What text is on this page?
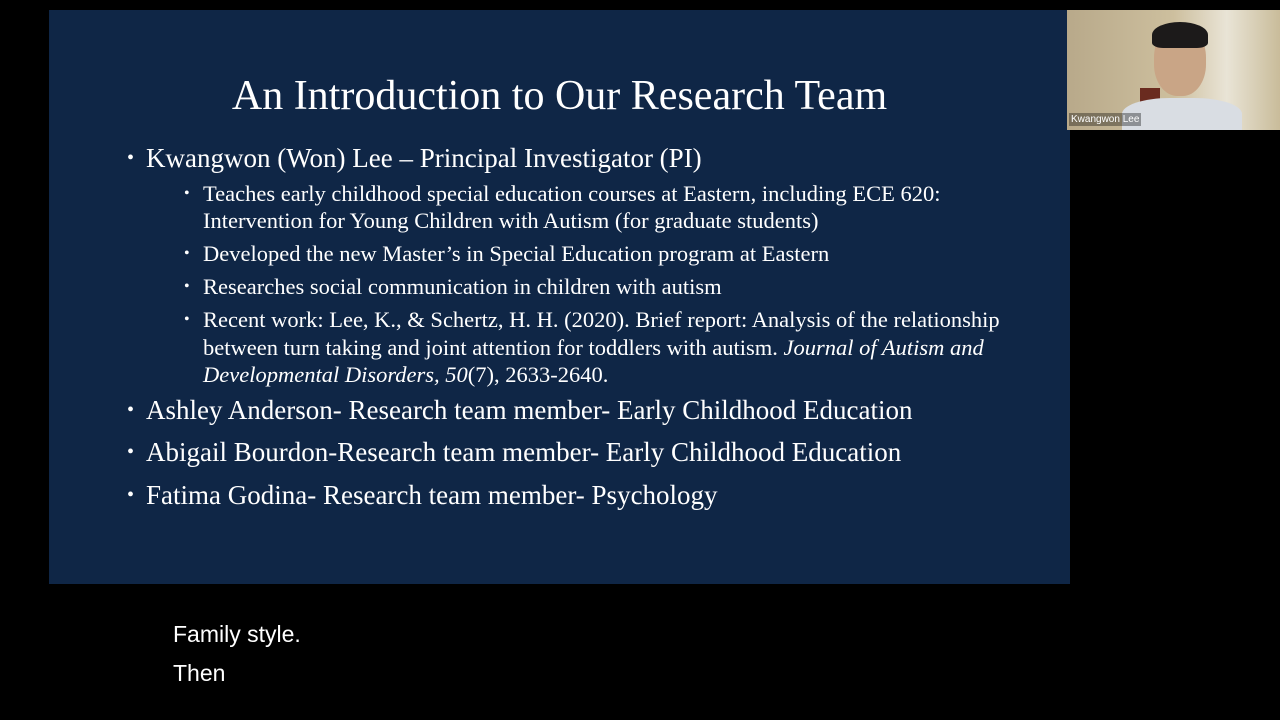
An Introduction to Our Research Team
• Kwangwon (Won) Lee – Principal Investigator (PI)
• Teaches early childhood special education courses at Eastern, including ECE 620: Intervention for Young Children with Autism (for graduate students)
• Developed the new Master’s in Special Education program at Eastern
• Researches social communication in children with autism
• Recent work: Lee, K., & Schertz, H. H. (2020). Brief report: Analysis of the relationship between turn taking and joint attention for toddlers with autism. Journal of Autism and Developmental Disorders, 50(7), 2633-2640.
• Ashley Anderson- Research team member- Early Childhood Education
• Abigail Bourdon-Research team member- Early Childhood Education
• Fatima Godina- Research team member- Psychology
Kwangwon Lee
Family style.
Then
